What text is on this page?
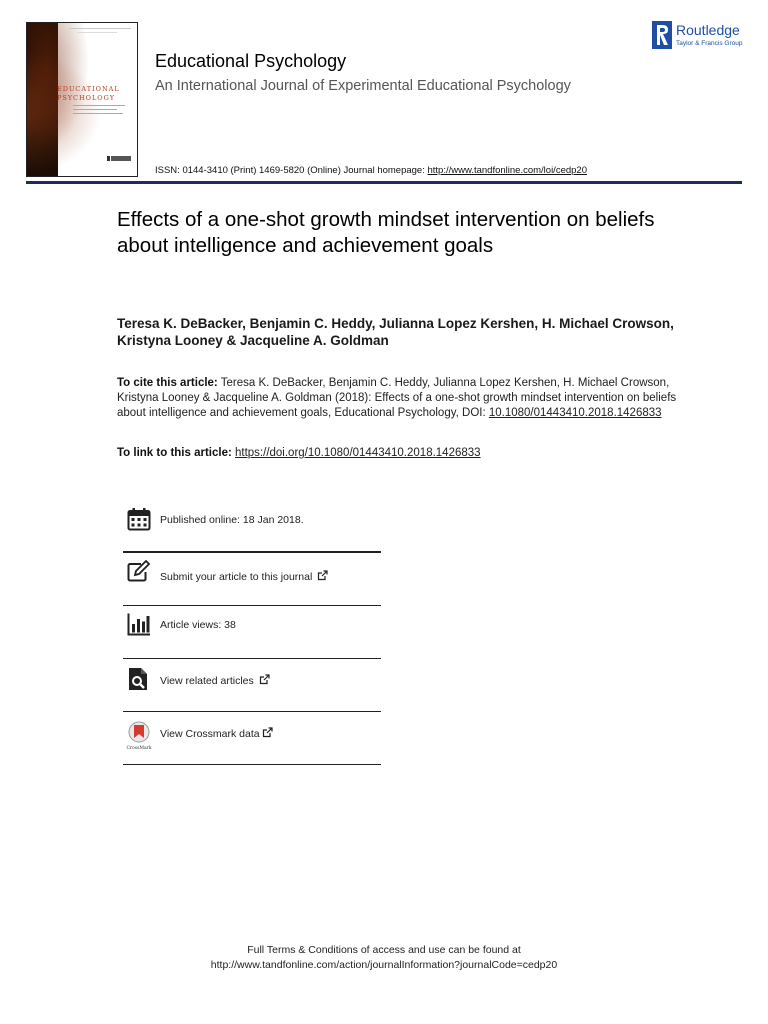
EDUCATIONAL
PSYCHOLOGY
Educational Psychology
An International Journal of Experimental Educational Psychology
ISSN: 0144-3410 (Print) 1469-5820 (Online) Journal homepage: http://www.tandfonline.com/loi/cedp20
Routledge
Taylor & Francis Group
Effects of a one-shot growth mindset intervention on beliefs about intelligence and achievement goals
Teresa K. DeBacker, Benjamin C. Heddy, Julianna Lopez Kershen, H. Michael Crowson, Kristyna Looney & Jacqueline A. Goldman
To cite this article: Teresa K. DeBacker, Benjamin C. Heddy, Julianna Lopez Kershen, H. Michael Crowson, Kristyna Looney & Jacqueline A. Goldman (2018): Effects of a one-shot growth mindset intervention on beliefs about intelligence and achievement goals, Educational Psychology, DOI: 10.1080/01443410.2018.1426833
To link to this article: https://doi.org/10.1080/01443410.2018.1426833
Published online: 18 Jan 2018.
Submit your article to this journal
Article views: 38
View related articles
CrossMark
View Crossmark data
Full Terms & Conditions of access and use can be found at
http://www.tandfonline.com/action/journalInformation?journalCode=cedp20
